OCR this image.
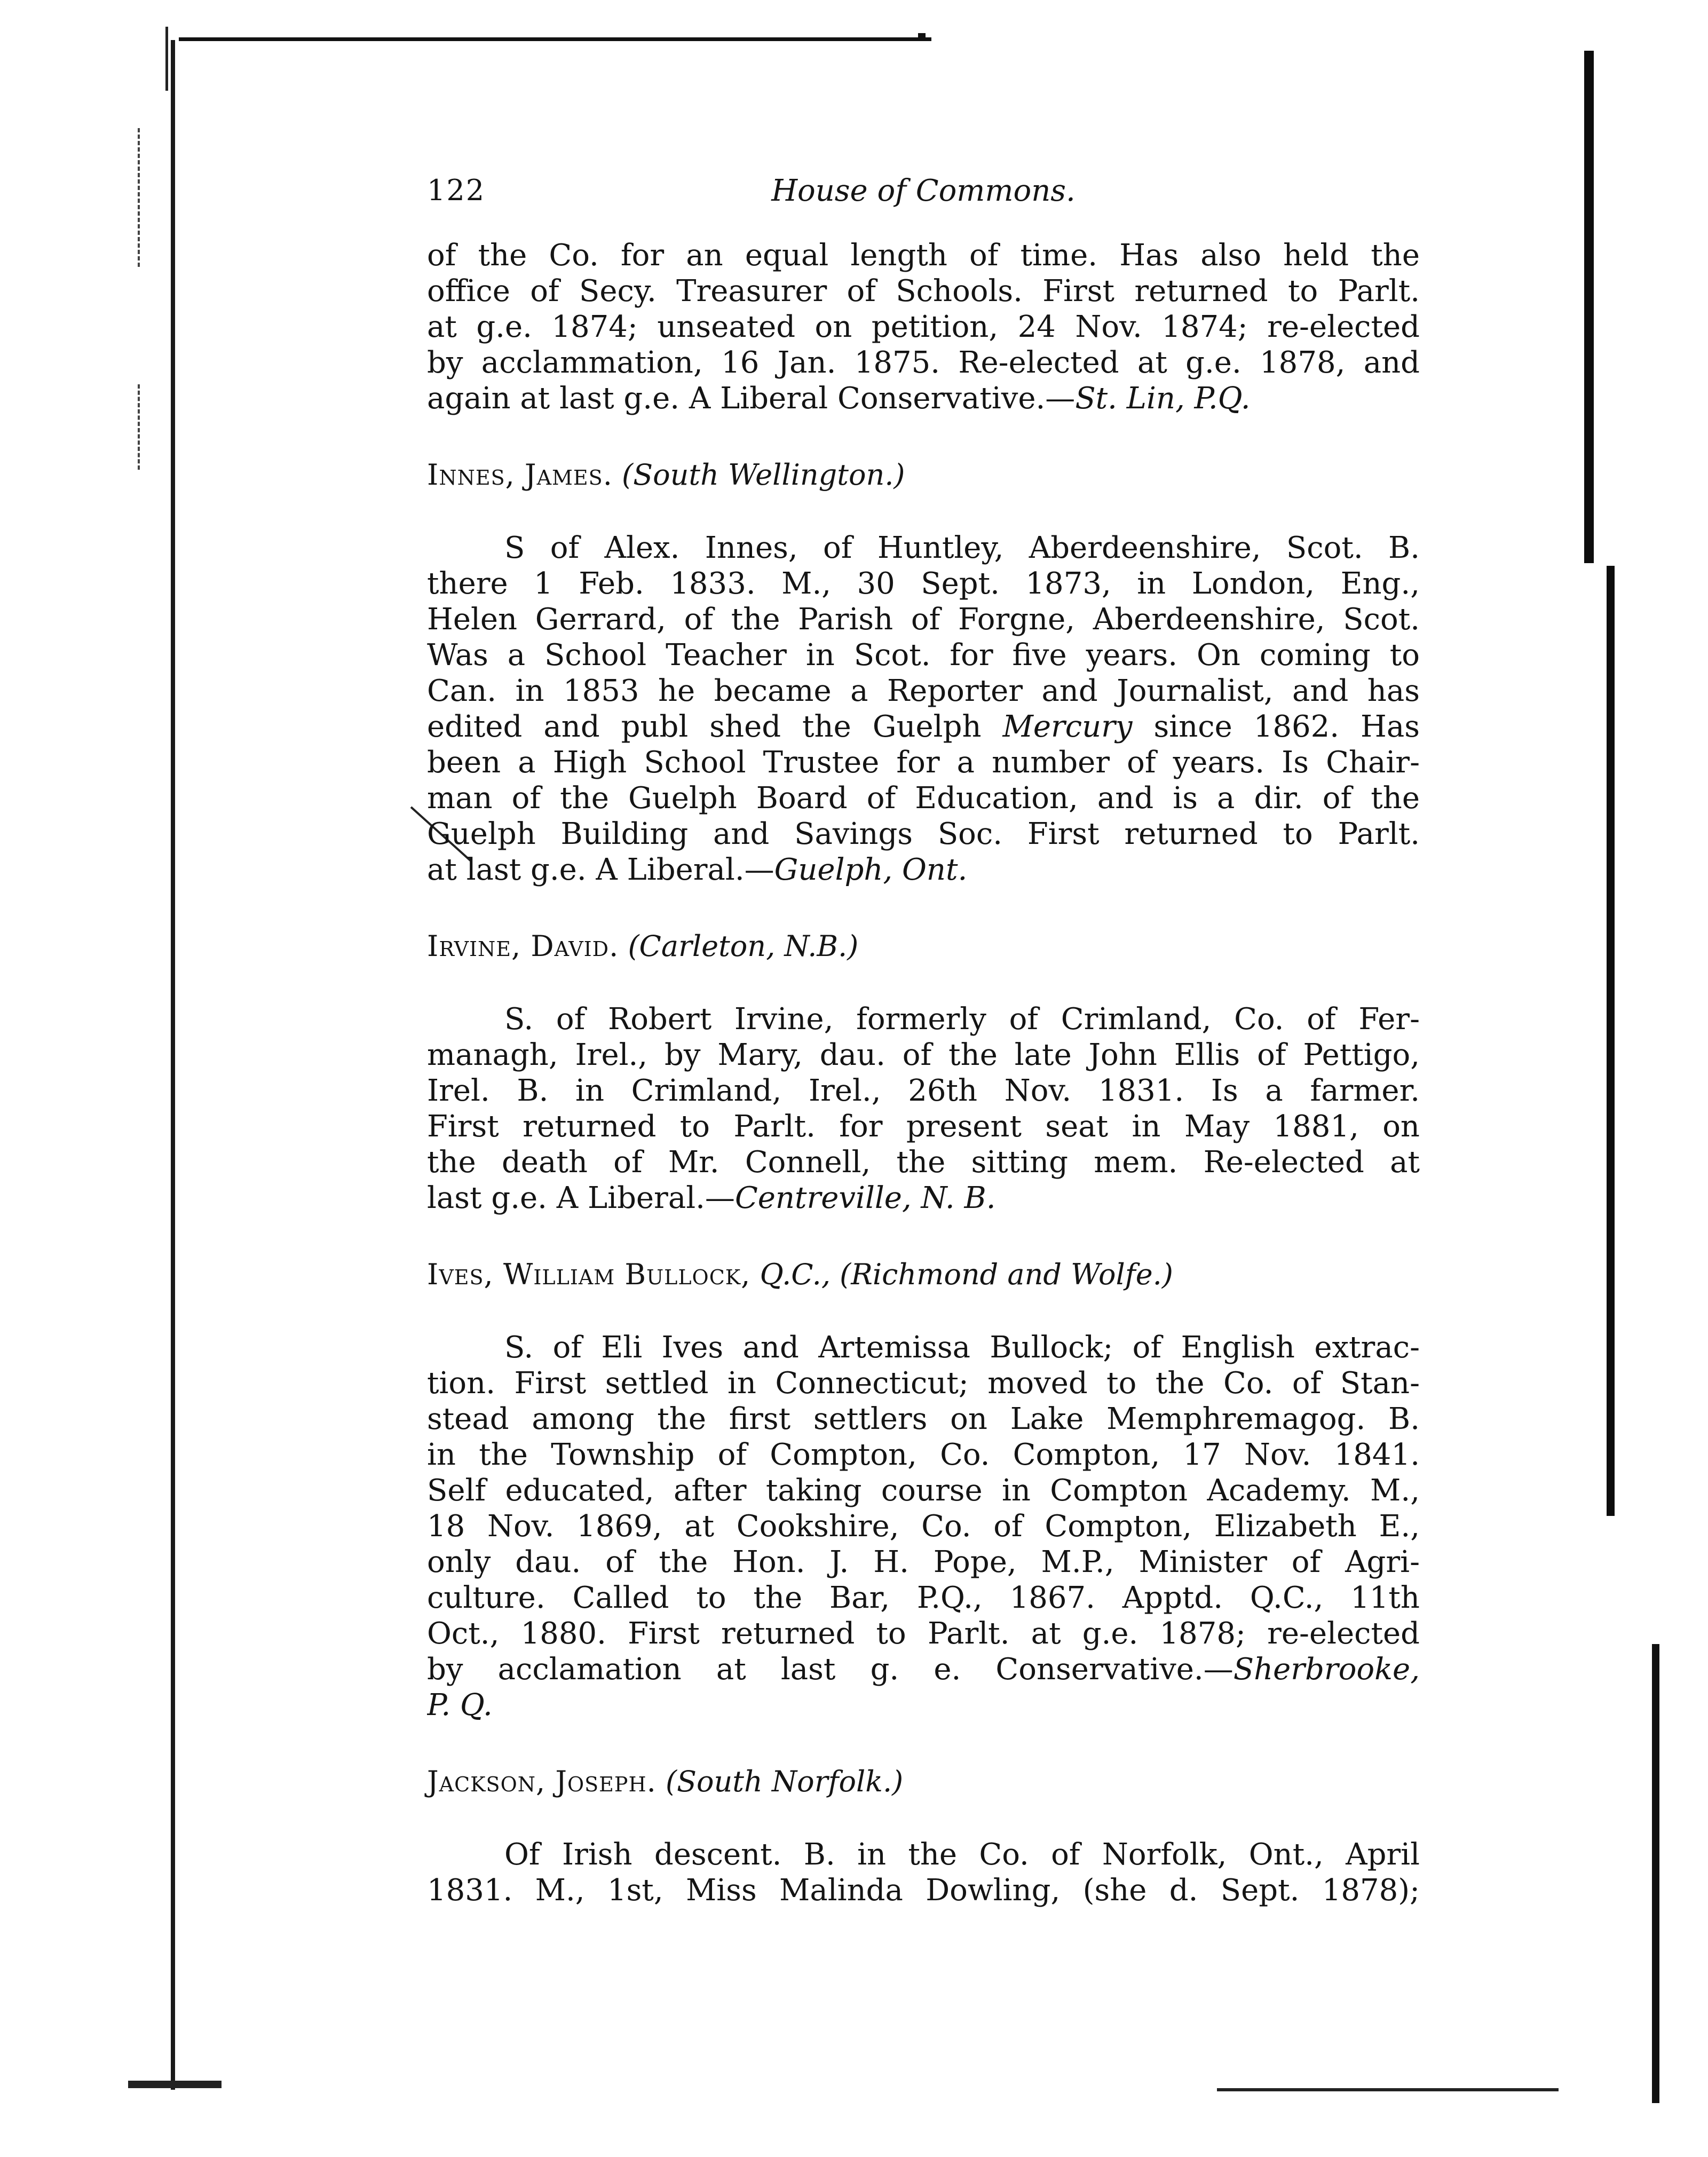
122	House of Commons.
of the Co. for an equal length of time. Has also held the
office of Secy. Treasurer of Schools. First returned to Parlt.
at g.e. 1874; unseated on petition, 24 Nov. 1874; re-elected
by acclammation, 16 Jan. 1875. Re-elected at g.e. 1878, and
again at last g.e. A Liberal Conservative.—St. Lin, P.Q.
Innes, James. (South Wellington.)
S of Alex. Innes, of Huntley, Aberdeenshire, Scot. B.
there 1 Feb. 1833. M., 30 Sept. 1873, in London, Eng.,
Helen Gerrard, of the Parish of Forgne, Aberdeenshire, Scot.
Was a School Teacher in Scot. for five years. On coming to
Can. in 1853 he became a Reporter and Journalist, and has
edited and publ shed the Guelph Mercury since 1862. Has
been a High School Trustee for a number of years. Is Chair-
man of the Guelph Board of Education, and is a dir. of the
Guelph Building and Savings Soc. First returned to Parlt.
at last g.e. A Liberal.—Guelph, Ont.
Irvine, David. (Carleton, N.B.)
S. of Robert Irvine, formerly of Crimland, Co. of Fer-
managh, Irel., by Mary, dau. of the late John Ellis of Pettigo,
Irel. B. in Crimland, Irel., 26th Nov. 1831. Is a farmer.
First returned to Parlt. for present seat in May 1881, on
the death of Mr. Connell, the sitting mem. Re-elected at
last g.e. A Liberal.—Centreville, N. B.
Ives, William Bullock, Q.C., (Richmond and Wolfe.)
S. of Eli Ives and Artemissa Bullock; of English extrac-
tion. First settled in Connecticut; moved to the Co. of Stan-
stead among the first settlers on Lake Memphremagog. B.
in the Township of Compton, Co. Compton, 17 Nov. 1841.
Self educated, after taking course in Compton Academy. M.,
18 Nov. 1869, at Cookshire, Co. of Compton, Elizabeth E.,
only dau. of the Hon. J. H. Pope, M.P., Minister of Agri-
culture. Called to the Bar, P.Q., 1867. Apptd. Q.C., 11th
Oct., 1880. First returned to Parlt. at g.e. 1878; re-elected
by acclamation at last g. e. Conservative.—Sherbrooke,
P. Q.
Jackson, Joseph. (South Norfolk.)
Of Irish descent. B. in the Co. of Norfolk, Ont., April
1831. M., 1st, Miss Malinda Dowling, (she d. Sept. 1878);
